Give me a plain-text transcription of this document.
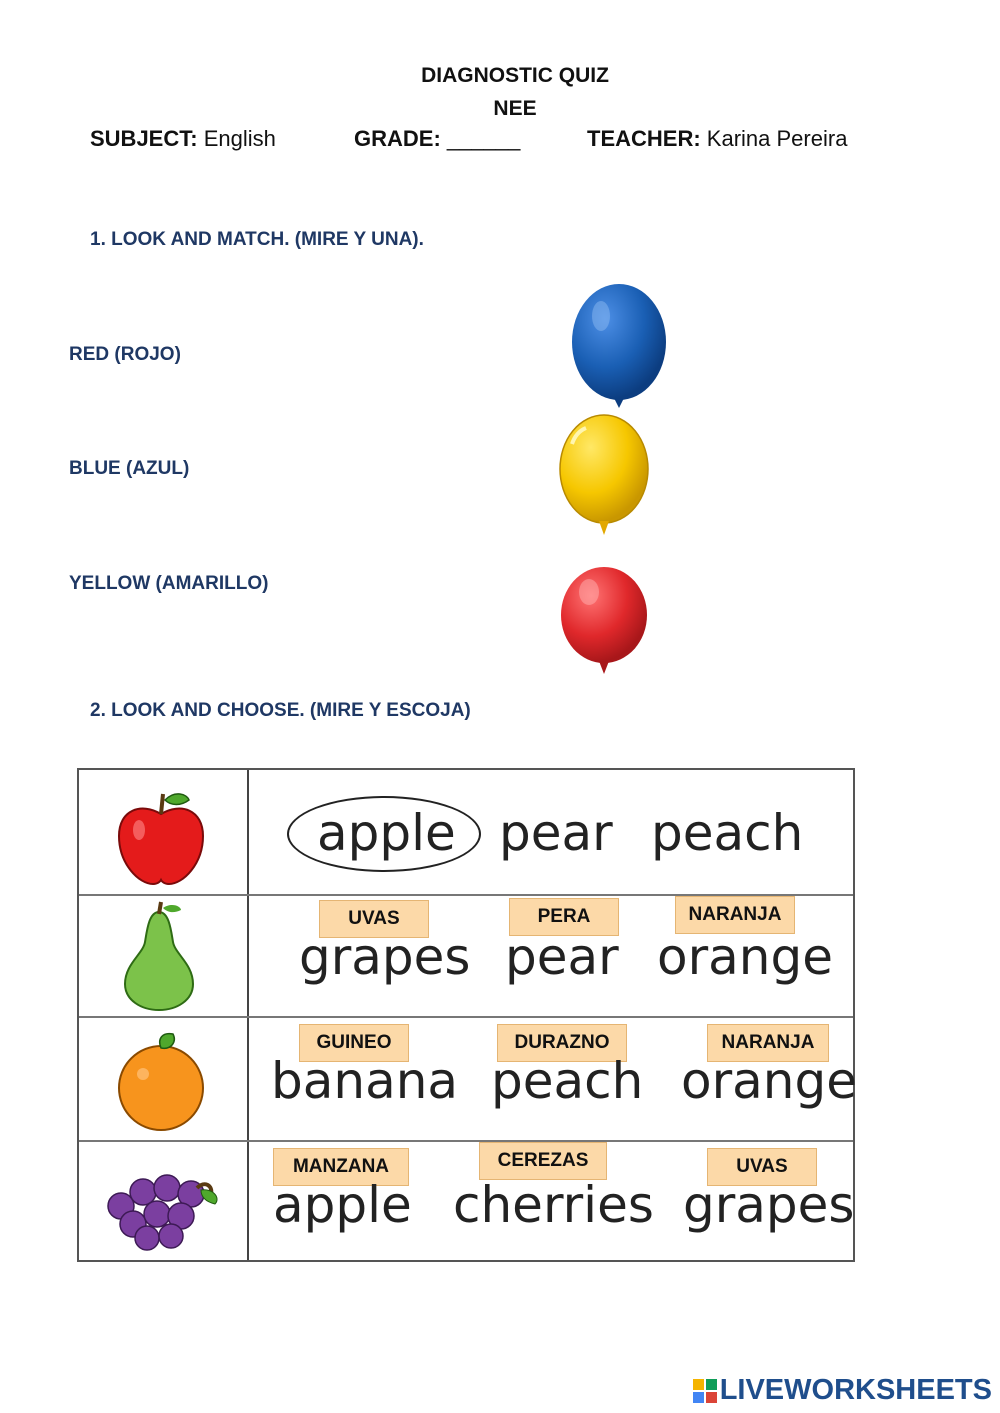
DIAGNOSTIC QUIZ
NEE
SUBJECT: English	GRADE: ______	TEACHER: Karina Pereira
1. LOOK AND MATCH. (MIRE Y UNA).
RED (ROJO)
BLUE (AZUL)
YELLOW (AMARILLO)
2. LOOK AND CHOOSE. (MIRE Y ESCOJA)
apple pear peach
UVAS	PERA	NARANJA
grapes pear orange
GUINEO	DURAZNO	NARANJA
banana peach orange
MANZANA	CEREZAS	UVAS
apple cherries grapes
LIVEWORKSHEETS
